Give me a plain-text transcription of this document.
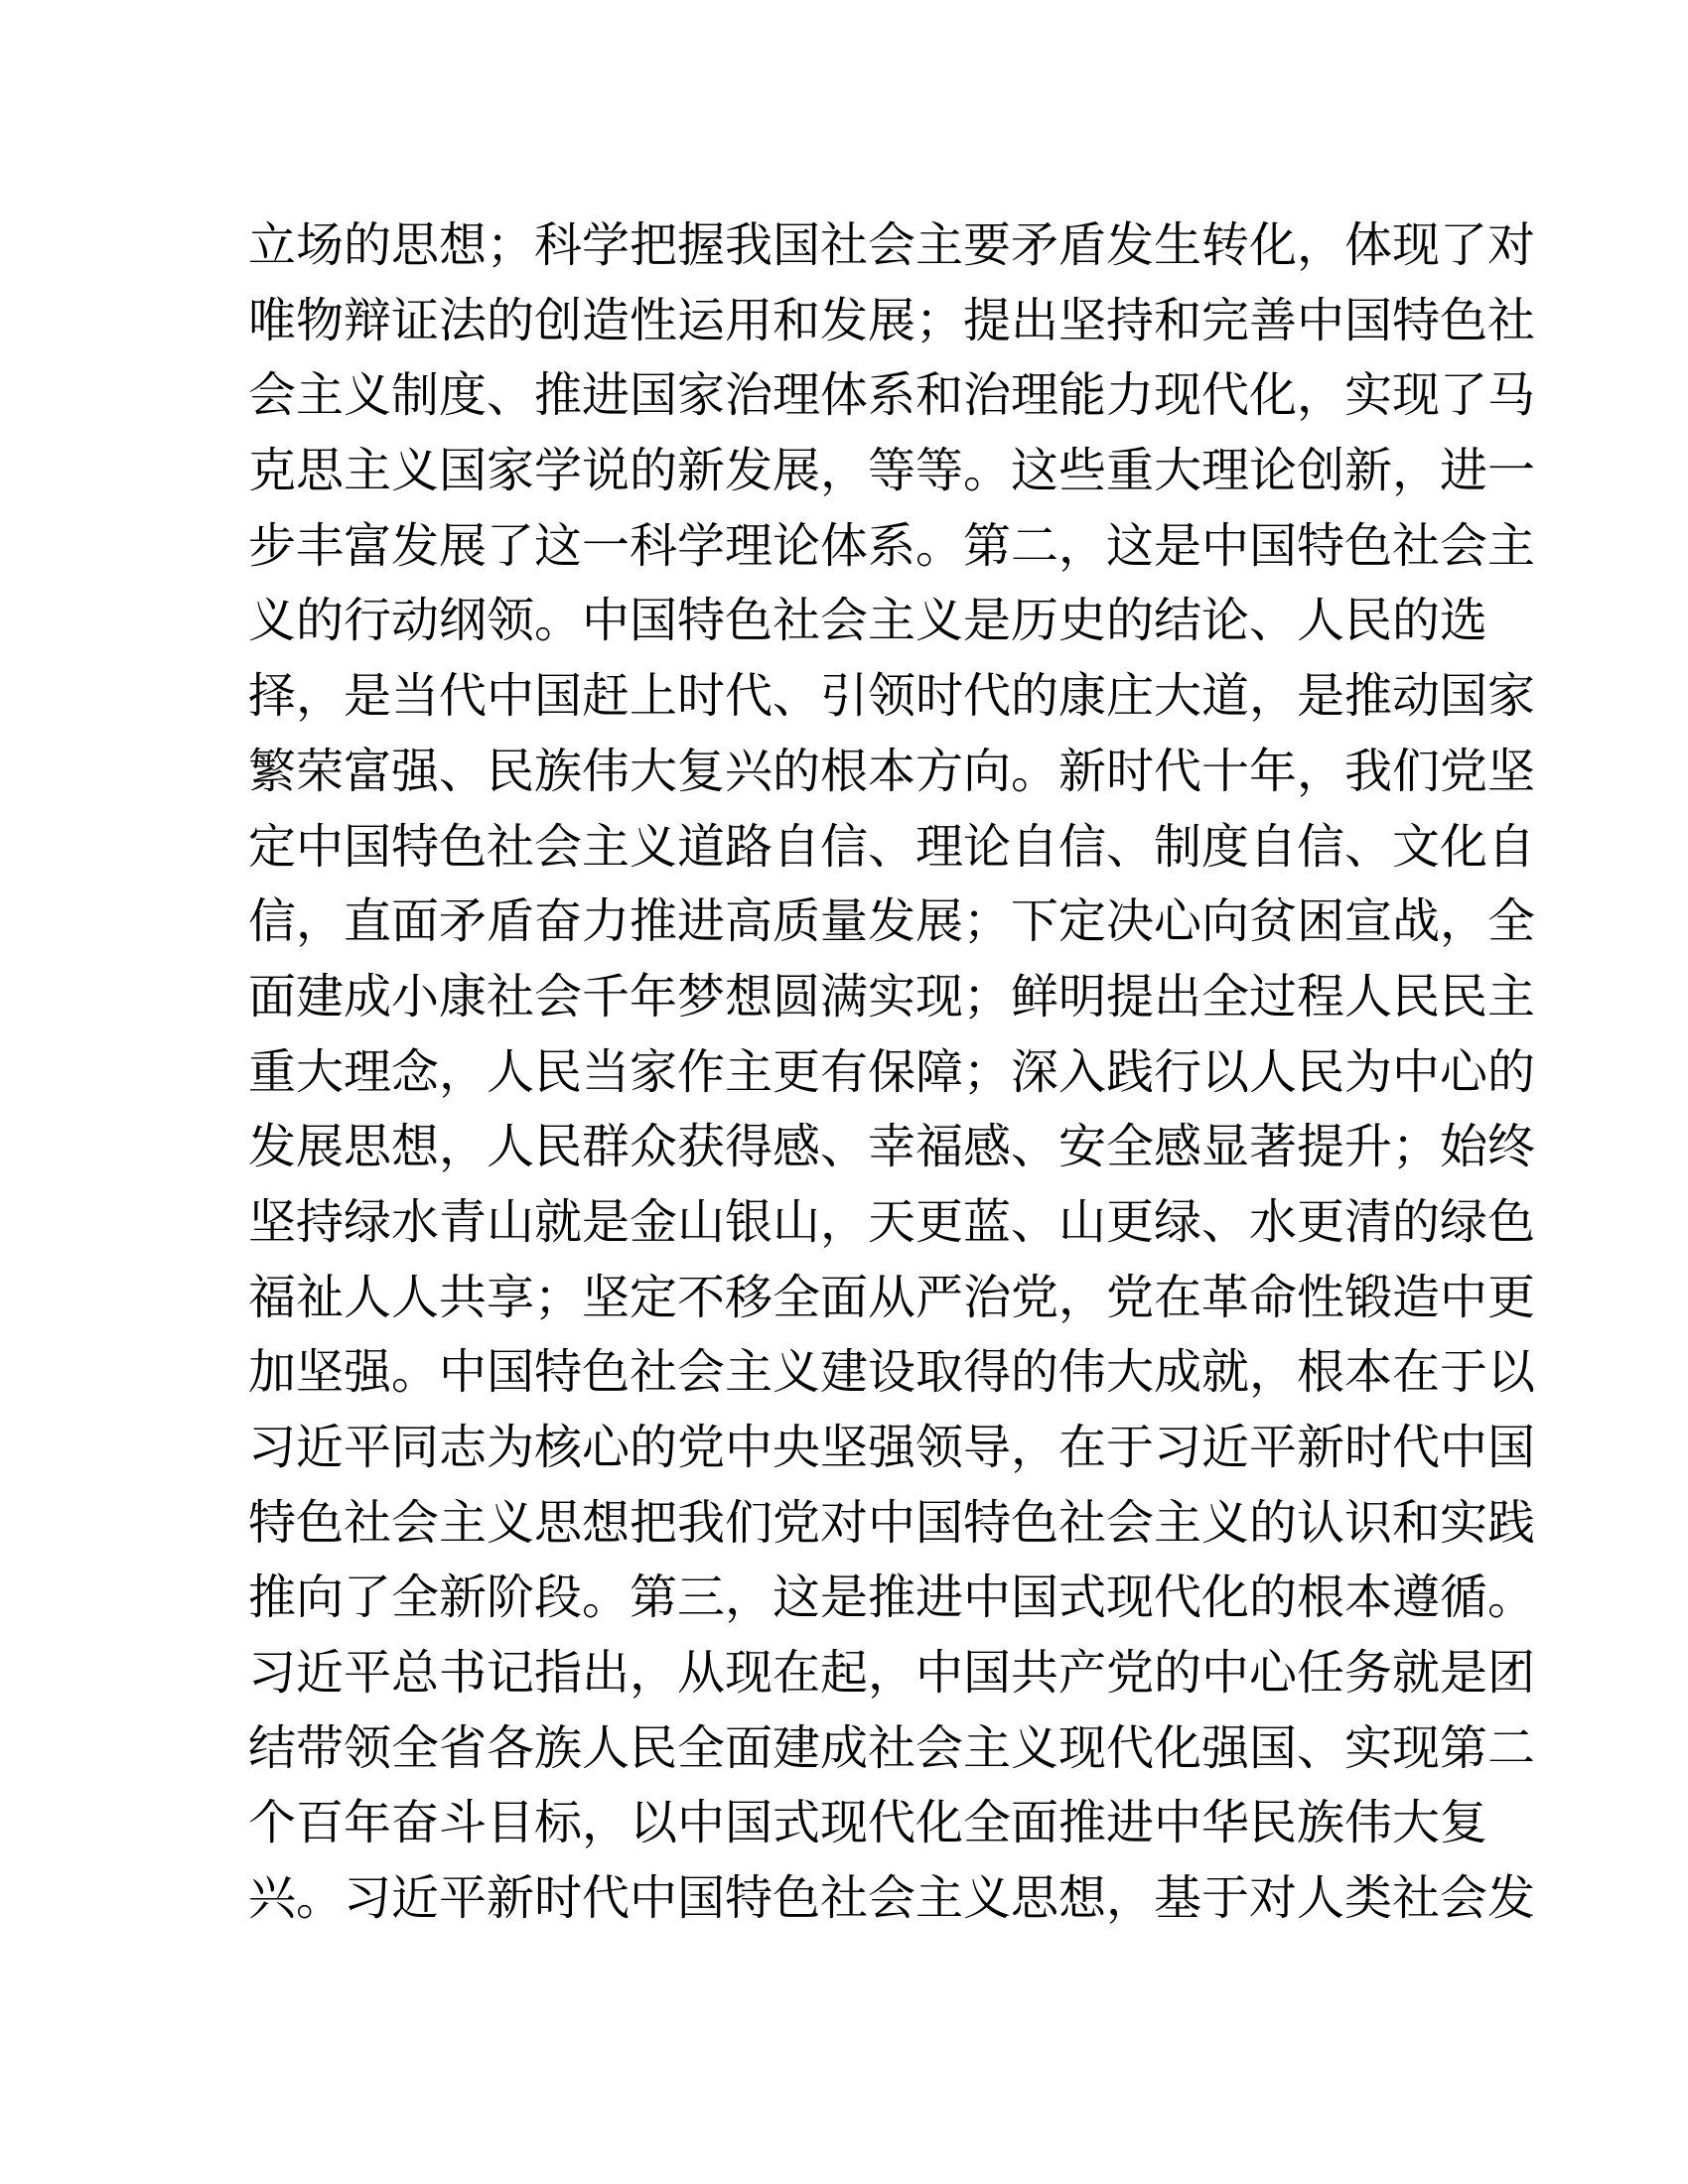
立场的思想；科学把握我国社会主要矛盾发生转化，体现了对
唯物辩证法的创造性运用和发展；提出坚持和完善中国特色社
会主义制度、推进国家治理体系和治理能力现代化，实现了马
克思主义国家学说的新发展，等等。这些重大理论创新，进一
步丰富发展了这一科学理论体系。第二，这是中国特色社会主
义的行动纲领。中国特色社会主义是历史的结论、人民的选
择，是当代中国赶上时代、引领时代的康庄大道，是推动国家
繁荣富强、民族伟大复兴的根本方向。新时代十年，我们党坚
定中国特色社会主义道路自信、理论自信、制度自信、文化自
信，直面矛盾奋力推进高质量发展；下定决心向贫困宣战，全
面建成小康社会千年梦想圆满实现；鲜明提出全过程人民民主
重大理念，人民当家作主更有保障；深入践行以人民为中心的
发展思想，人民群众获得感、幸福感、安全感显著提升；始终
坚持绿水青山就是金山银山，天更蓝、山更绿、水更清的绿色
福祉人人共享；坚定不移全面从严治党，党在革命性锻造中更
加坚强。中国特色社会主义建设取得的伟大成就，根本在于以
习近平同志为核心的党中央坚强领导，在于习近平新时代中国
特色社会主义思想把我们党对中国特色社会主义的认识和实践
推向了全新阶段。第三，这是推进中国式现代化的根本遵循。
习近平总书记指出，从现在起，中国共产党的中心任务就是团
结带领全省各族人民全面建成社会主义现代化强国、实现第二
个百年奋斗目标，以中国式现代化全面推进中华民族伟大复
兴。习近平新时代中国特色社会主义思想，基于对人类社会发
